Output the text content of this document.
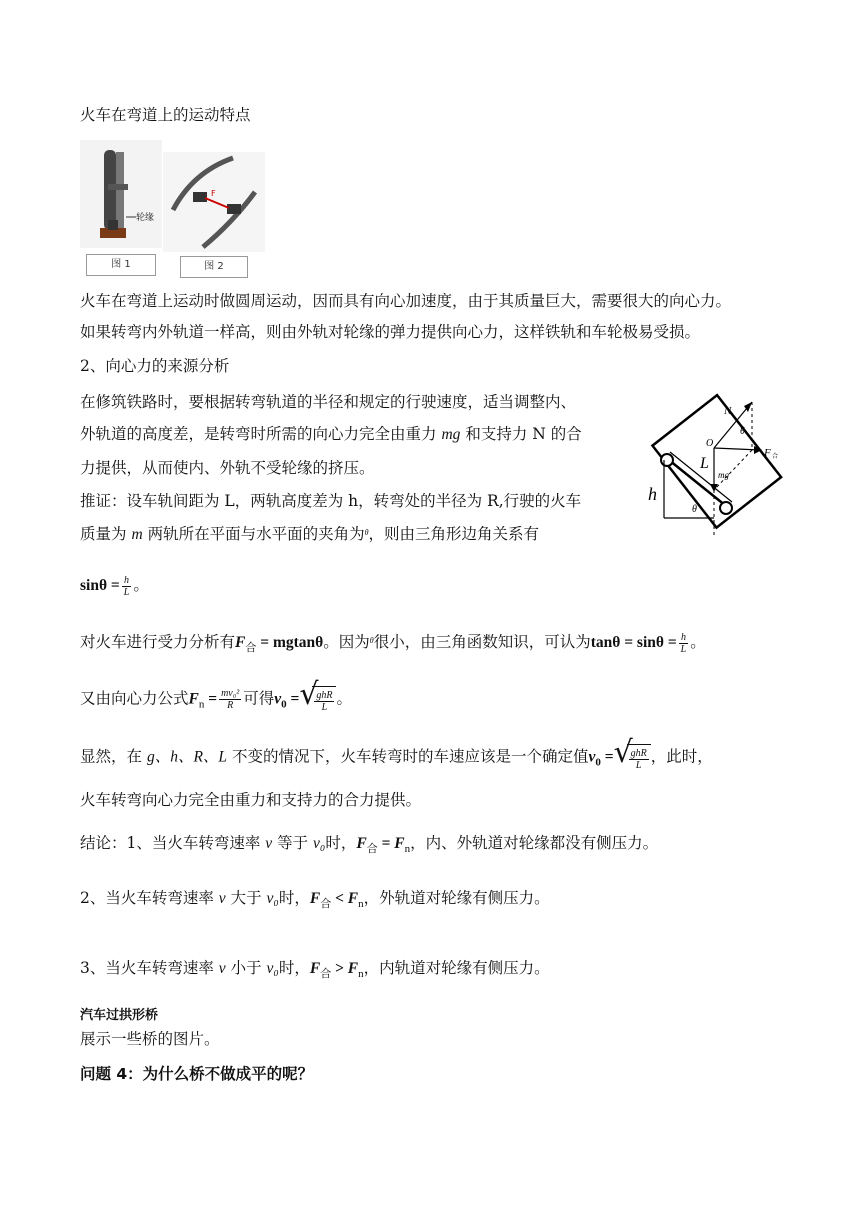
火车在弯道上的运动特点
轮缘
图 1
F
图 2
火车在弯道上运动时做圆周运动，因而具有向心加速度，由于其质量巨大，需要很大的向心力。
如果转弯内外轨道一样高，则由外轨对轮缘的弹力提供向心力，这样铁轨和车轮极易受损。
2、向心力的来源分析
在修筑铁路时，要根据转弯轨道的半径和规定的行驶速度，适当调整内、
外轨道的高度差，是转弯时所需的向心力完全由重力 mg 和支持力 N 的合
力提供，从而使内、外轨不受轮缘的挤压。
推证：设车轨间距为 L，两轨高度差为 h，转弯处的半径为 R,行驶的火车
质量为 m 两轨所在平面与水平面的夹角为$^\theta$，则由三角形边角关系有
N
θ
F 合
O
L
mg
h
θ
$\sin\theta = \frac{h}{L}$ 。
对火车进行受力分析有$F_合 = mgtan\theta$。因为$^\theta$很小，由三角函数知识，可认为$\tan\theta = \sin\theta = \frac{h}{L}$ 。
又由向心力公式$F_n = \frac{\text{mv₀²}}{R}$ 可得$v_0$ = √
$\frac{\text{ghR}}{L}$ 。
显然，在 g、h、R、L 不变的情况下，火车转弯时的车速应该是一个确定值$v_0$ = √
$\frac{\text{ghR}}{L}$ ，此时，
火车转弯向心力完全由重力和支持力的合力提供。
结论：1、当火车转弯速率 v 等于 v₀时，$F_合 = F_n$，内、外轨道对轮缘都没有侧压力。
2、当火车转弯速率 v 大于 v₀时，$F_合 < F_n$，外轨道对轮缘有侧压力。
3、当火车转弯速率 v 小于 v₀时，$F_合 > F_n$，内轨道对轮缘有侧压力。
汽车过拱形桥
展示一些桥的图片。
问题 4：为什么桥不做成平的呢？
